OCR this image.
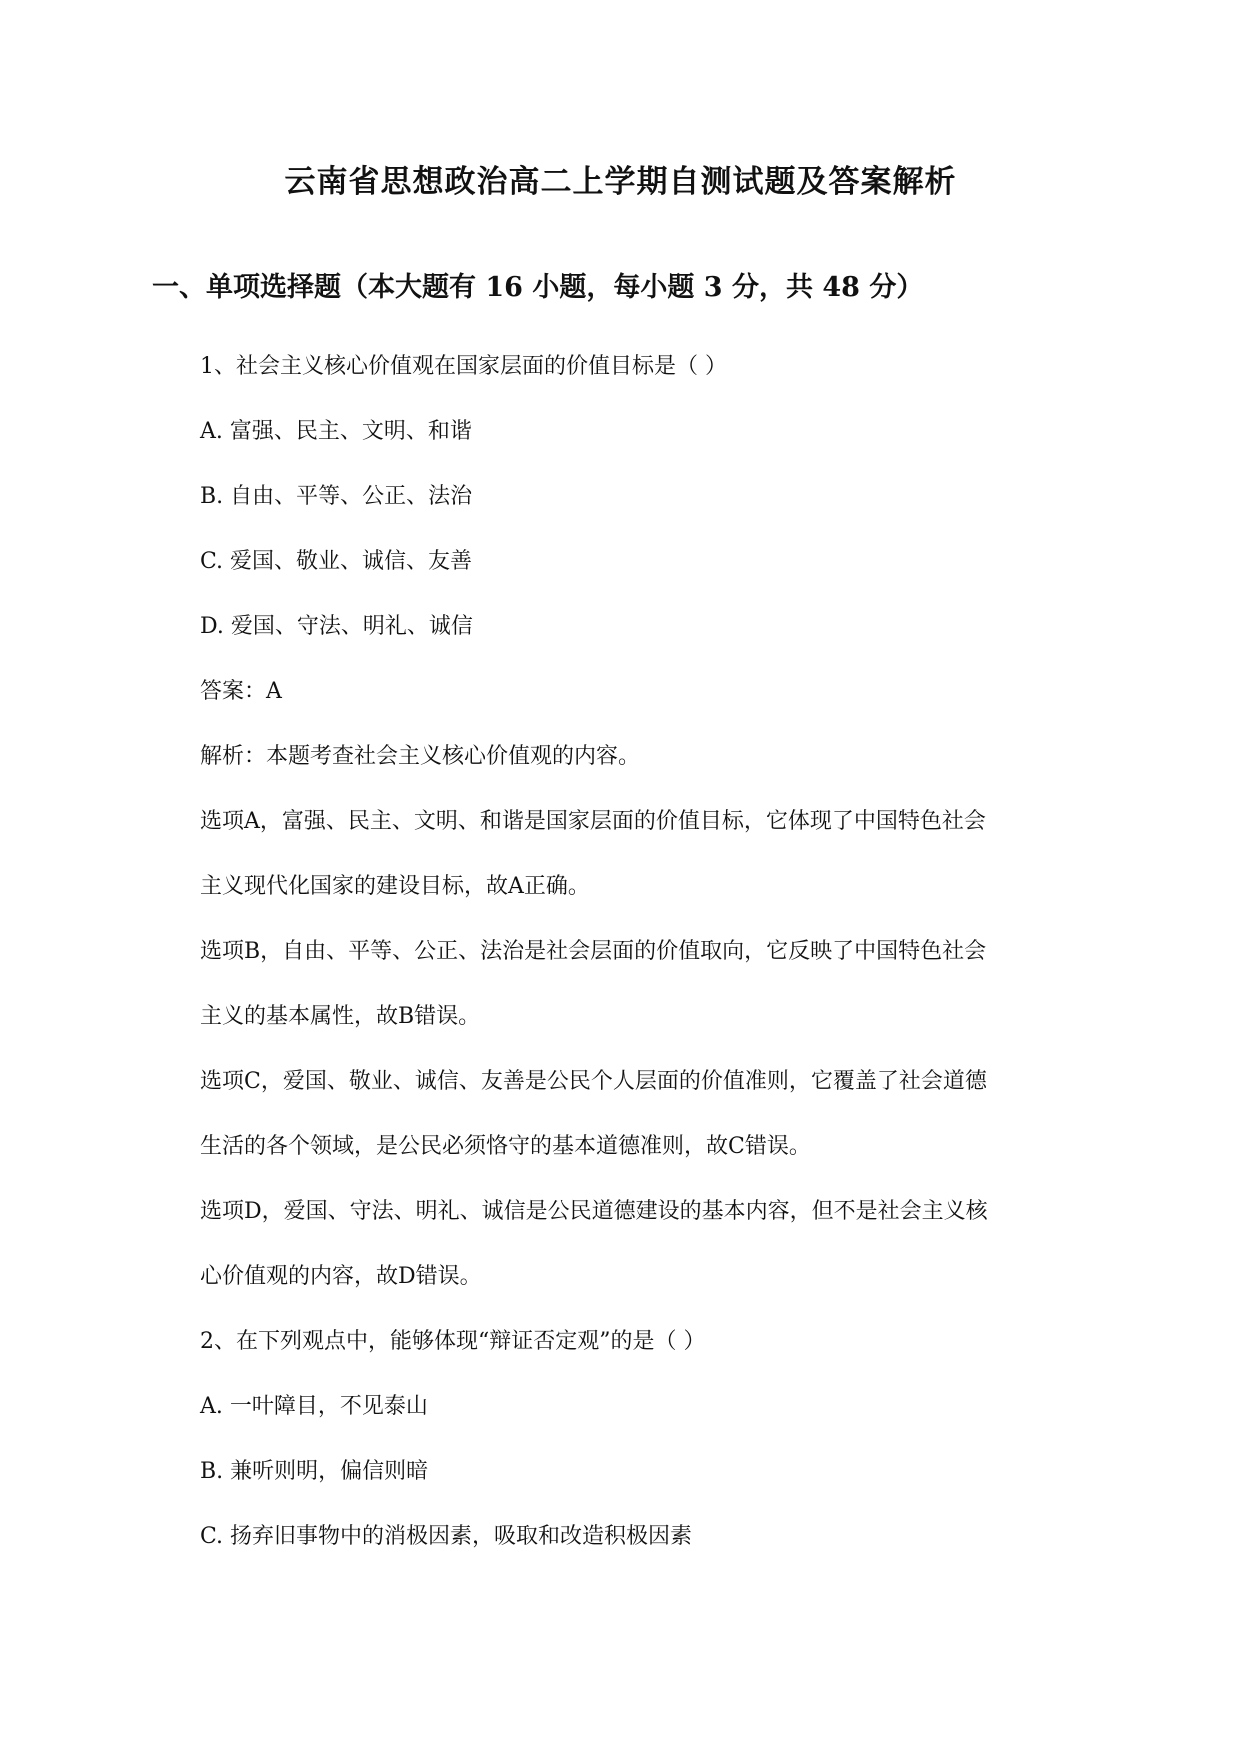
云南省思想政治高二上学期自测试题及答案解析
一、单项选择题（本大题有 16 小题，每小题 3 分，共 48 分）
1、社会主义核心价值观在国家层面的价值目标是（ ）
A. 富强、民主、文明、和谐
B. 自由、平等、公正、法治
C. 爱国、敬业、诚信、友善
D. 爱国、守法、明礼、诚信
答案：A
解析：本题考查社会主义核心价值观的内容。
选项A，富强、民主、文明、和谐是国家层面的价值目标，它体现了中国特色社会
主义现代化国家的建设目标，故A正确。
选项B，自由、平等、公正、法治是社会层面的价值取向，它反映了中国特色社会
主义的基本属性，故B错误。
选项C，爱国、敬业、诚信、友善是公民个人层面的价值准则，它覆盖了社会道德
生活的各个领域，是公民必须恪守的基本道德准则，故C错误。
选项D，爱国、守法、明礼、诚信是公民道德建设的基本内容，但不是社会主义核
心价值观的内容，故D错误。
2、在下列观点中，能够体现“辩证否定观”的是（ ）
A. 一叶障目，不见泰山
B. 兼听则明，偏信则暗
C. 扬弃旧事物中的消极因素，吸取和改造积极因素
